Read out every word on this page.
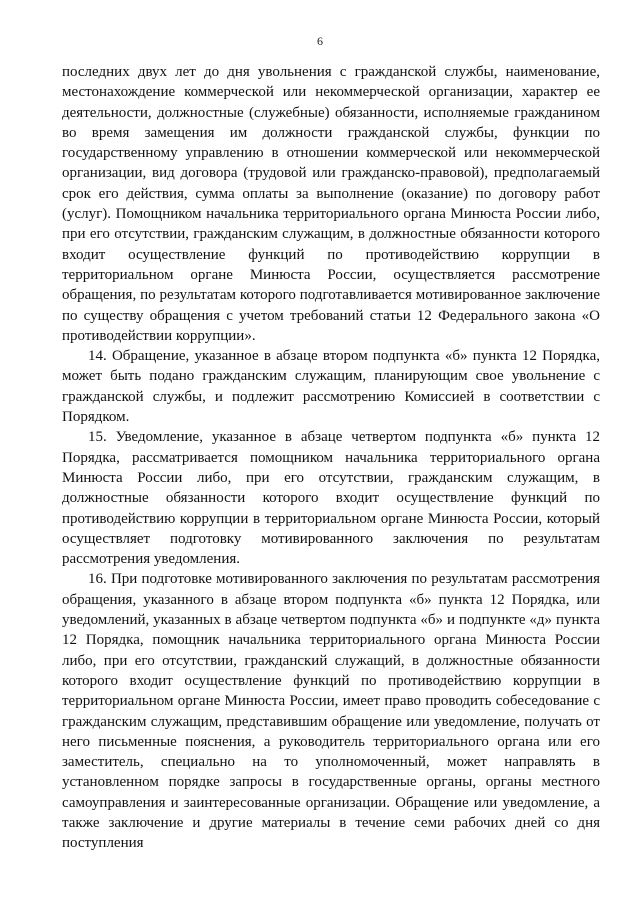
6

последних двух лет до дня увольнения с гражданской службы, наименование, местонахождение коммерческой или некоммерческой организации, характер ее деятельности, должностные (служебные) обязанности, исполняемые гражданином во время замещения им должности гражданской службы, функции по государственному управлению в отношении коммерческой или некоммерческой организации, вид договора (трудовой или гражданско-правовой), предполагаемый срок его действия, сумма оплаты за выполнение (оказание) по договору работ (услуг). Помощником начальника территориального органа Минюста России либо, при его отсутствии, гражданским служащим, в должностные обязанности которого входит осуществление функций по противодействию коррупции в территориальном органе Минюста России, осуществляется рассмотрение обращения, по результатам которого подготавливается мотивированное заключение по существу обращения с учетом требований статьи 12 Федерального закона «О противодействии коррупции».

14. Обращение, указанное в абзаце втором подпункта «б» пункта 12 Порядка, может быть подано гражданским служащим, планирующим свое увольнение с гражданской службы, и подлежит рассмотрению Комиссией в соответствии с Порядком.

15. Уведомление, указанное в абзаце четвертом подпункта «б» пункта 12 Порядка, рассматривается помощником начальника территориального органа Минюста России либо, при его отсутствии, гражданским служащим, в должностные обязанности которого входит осуществление функций по противодействию коррупции в территориальном органе Минюста России, который осуществляет подготовку мотивированного заключения по результатам рассмотрения уведомления.

16. При подготовке мотивированного заключения по результатам рассмотрения обращения, указанного в абзаце втором подпункта «б» пункта 12 Порядка, или уведомлений, указанных в абзаце четвертом подпункта «б» и подпункте «д» пункта 12 Порядка, помощник начальника территориального органа Минюста России либо, при его отсутствии, гражданский служащий, в должностные обязанности которого входит осуществление функций по противодействию коррупции в территориальном органе Минюста России, имеет право проводить собеседование с гражданским служащим, представившим обращение или уведомление, получать от него письменные пояснения, а руководитель территориального органа или его заместитель, специально на то уполномоченный, может направлять в установленном порядке запросы в государственные органы, органы местного самоуправления и заинтересованные организации. Обращение или уведомление, а также заключение и другие материалы в течение семи рабочих дней со дня поступления
